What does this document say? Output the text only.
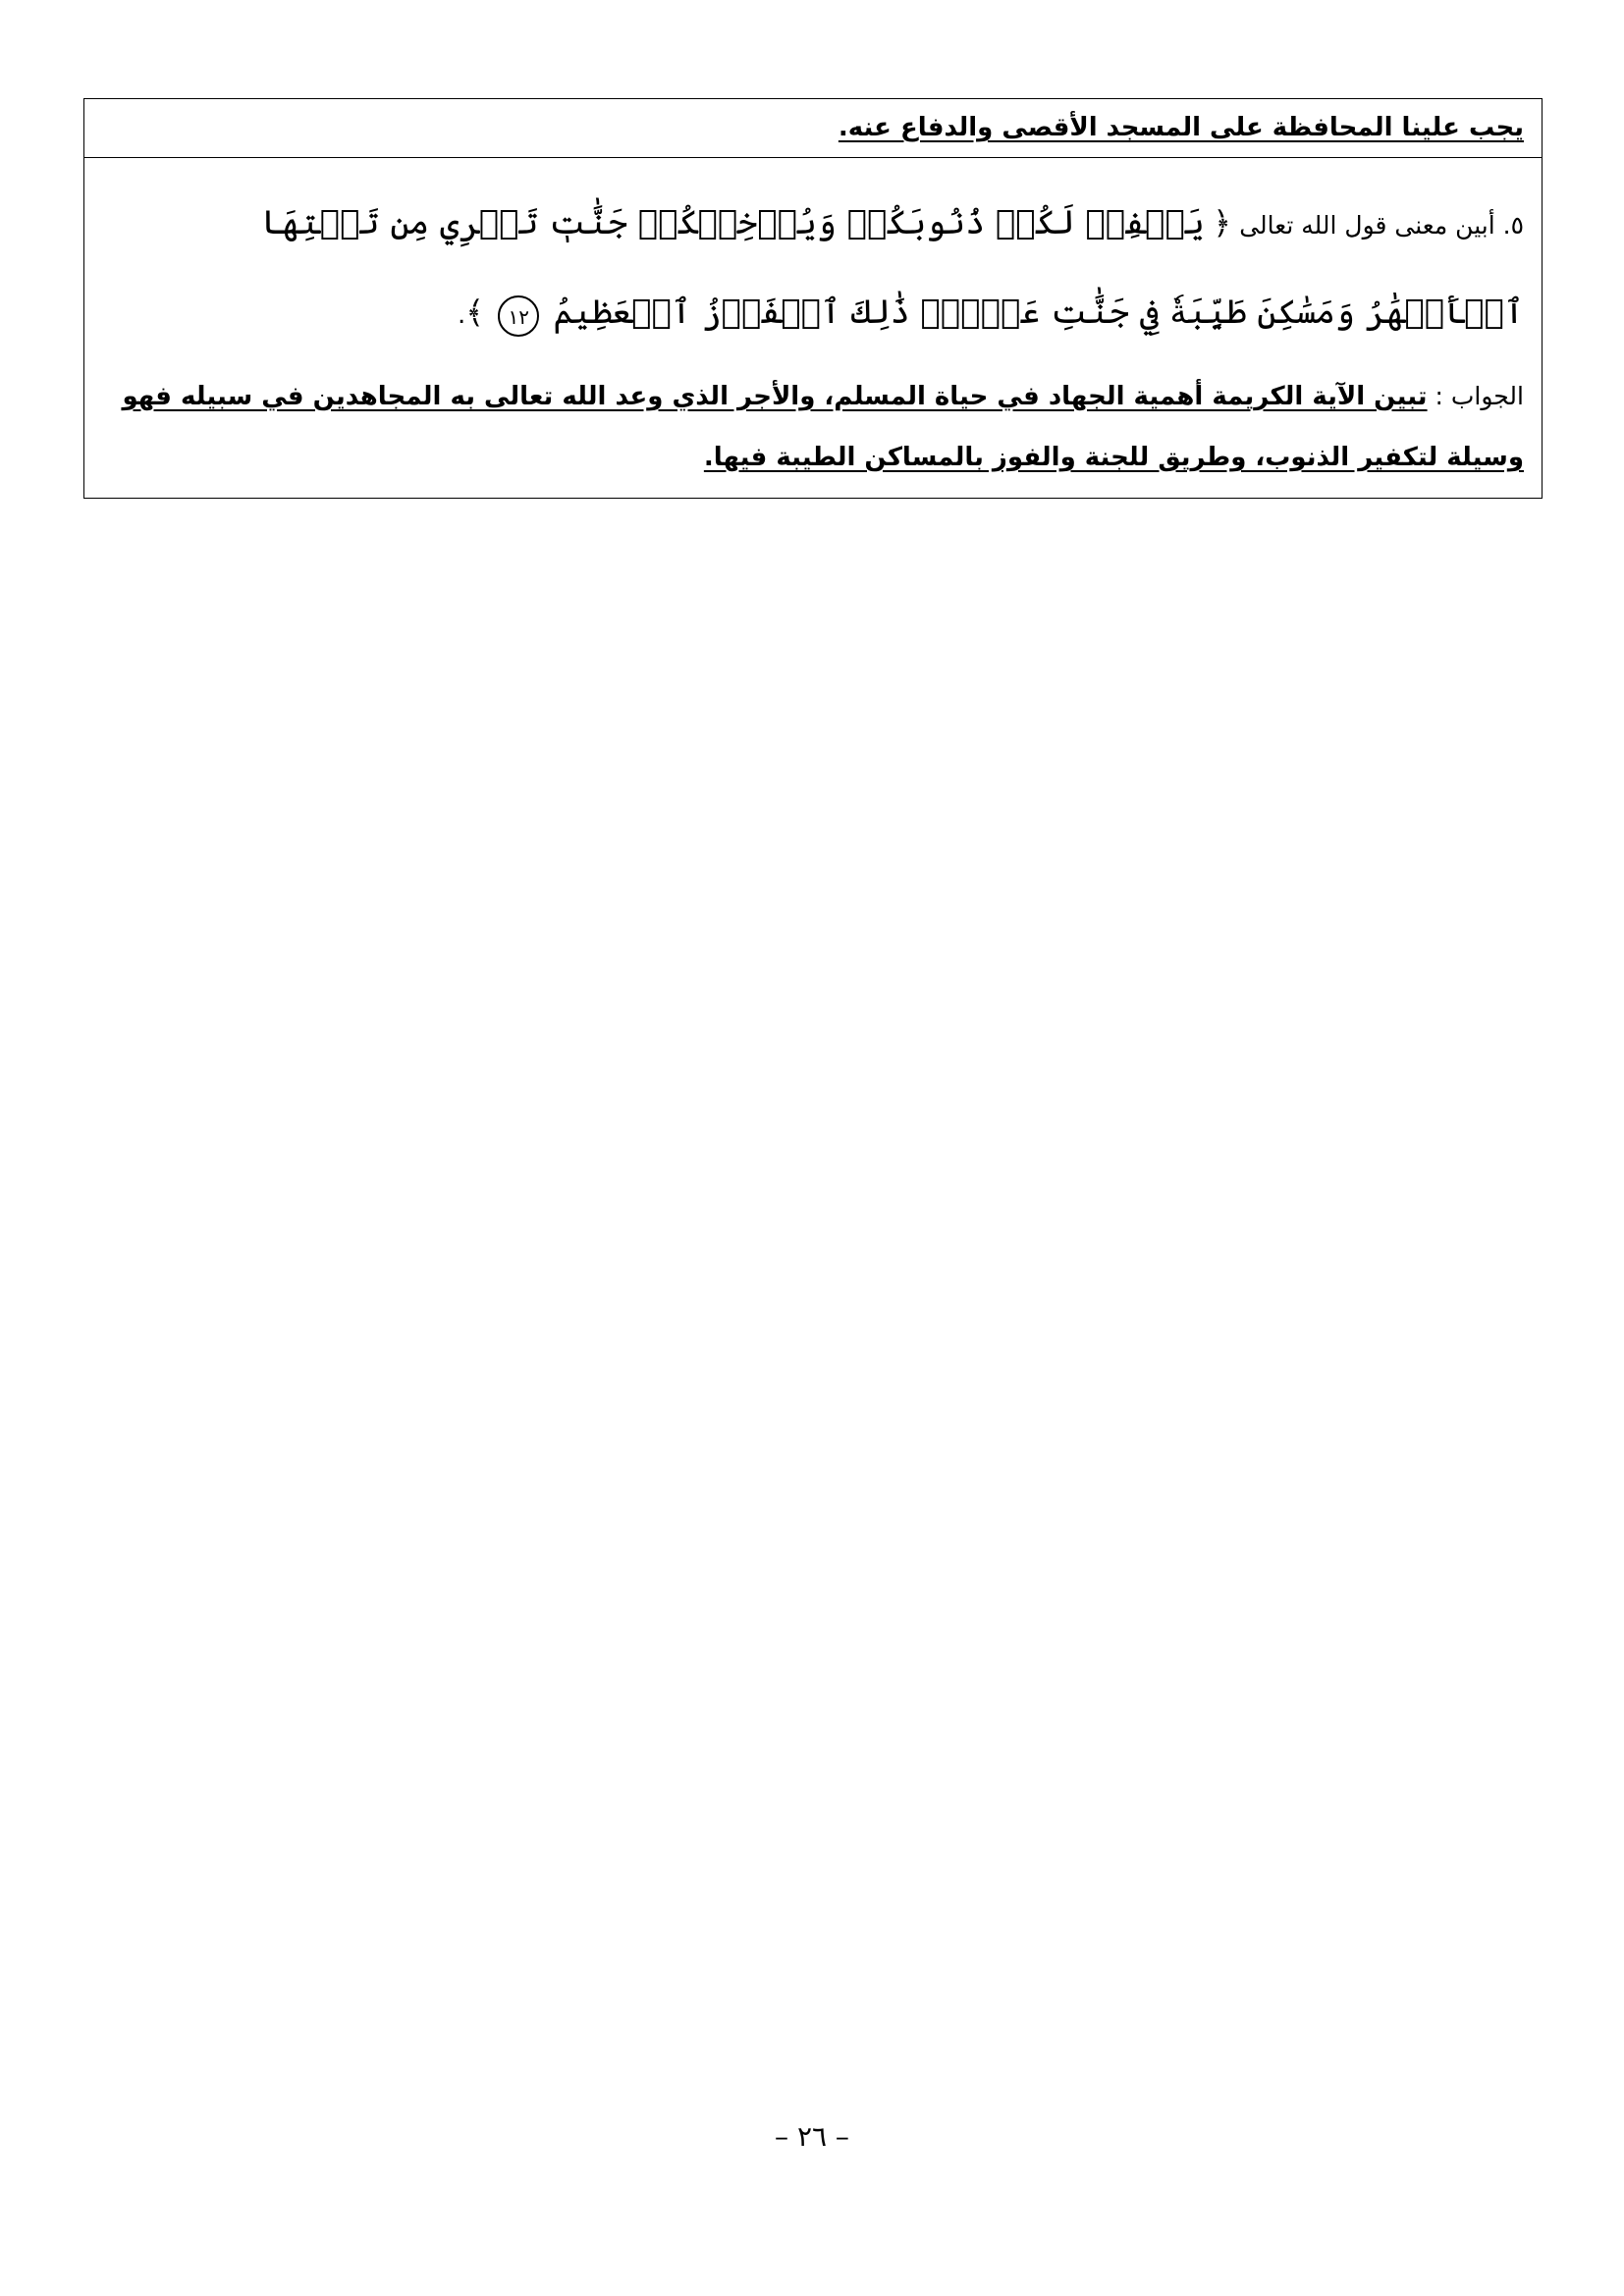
يجب علينا المحافظة على المسجد الأقصى والدفاع عنه.
٥. أبين معنى قول الله تعالى ﴿ يَغۡفِرۡ لَكُمۡ ذُنُوبَكُمۡ وَيُدۡخِلۡكُمۡ جَنَّٰتٖ تَجۡرِي مِن تَحۡتِهَا ٱلۡأَنۡهَٰرُ وَمَسَٰكِنَ طَيِّبَةٗ فِي جَنَّٰتِ عَدۡنٖۚ ذَٰلِكَ ٱلۡفَوۡزُ ٱلۡعَظِيمُ ١٢ ﴾.
الجواب : تبين الآية الكريمة أهمية الجهاد في حياة المسلم، والأجر الذي وعد الله تعالى به المجاهدين في سبيله فهو وسيلة لتكفير الذنوب، وطريق للجنة والفوز بالمساكن الطيبة فيها.
– ٢٦ –
